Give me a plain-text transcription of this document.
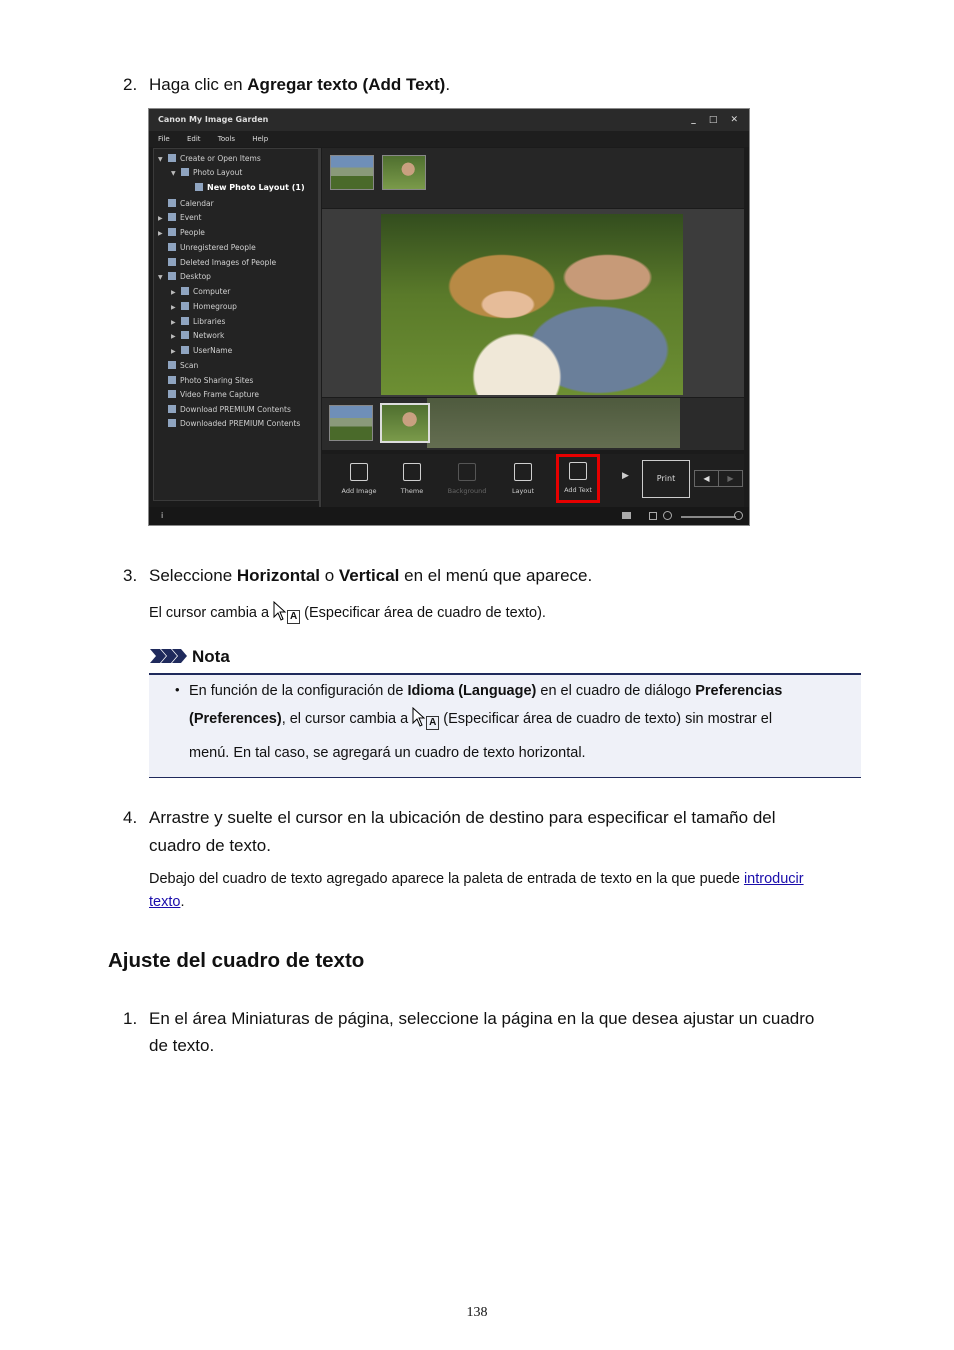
2. Haga clic en Agregar texto (Add Text).
Canon My Image Garden	_ □ ✕
File Edit Tools Help
▼ Create or Open Items
▼ Photo Layout
New Photo Layout (1)
Calendar
▶ Event
▶ People
Unregistered People
Deleted Images of People
▼ Desktop
▶ Computer
▶ Homegroup
▶ Libraries
▶ Network
▶ UserName
Scan
Photo Sharing Sites
Video Frame Capture
Download PREMIUM Contents
Downloaded PREMIUM Contents
Add Image	Theme	Background	Layout	Add Text
▶	Print	◀	▶
i
3. Seleccione Horizontal o Vertical en el menú que aparece.
El cursor cambia a A (Especificar área de cuadro de texto).
Nota
• En función de la configuración de Idioma (Language) en el cuadro de diálogo Preferencias
(Preferences), el cursor cambia a A (Especificar área de cuadro de texto) sin mostrar el
menú. En tal caso, se agregará un cuadro de texto horizontal.
4. Arrastre y suelte el cursor en la ubicación de destino para especificar el tamaño del
cuadro de texto.
Debajo del cuadro de texto agregado aparece la paleta de entrada de texto en la que puede introducir
texto.
Ajuste del cuadro de texto
1. En el área Miniaturas de página, seleccione la página en la que desea ajustar un cuadro
de texto.
138
